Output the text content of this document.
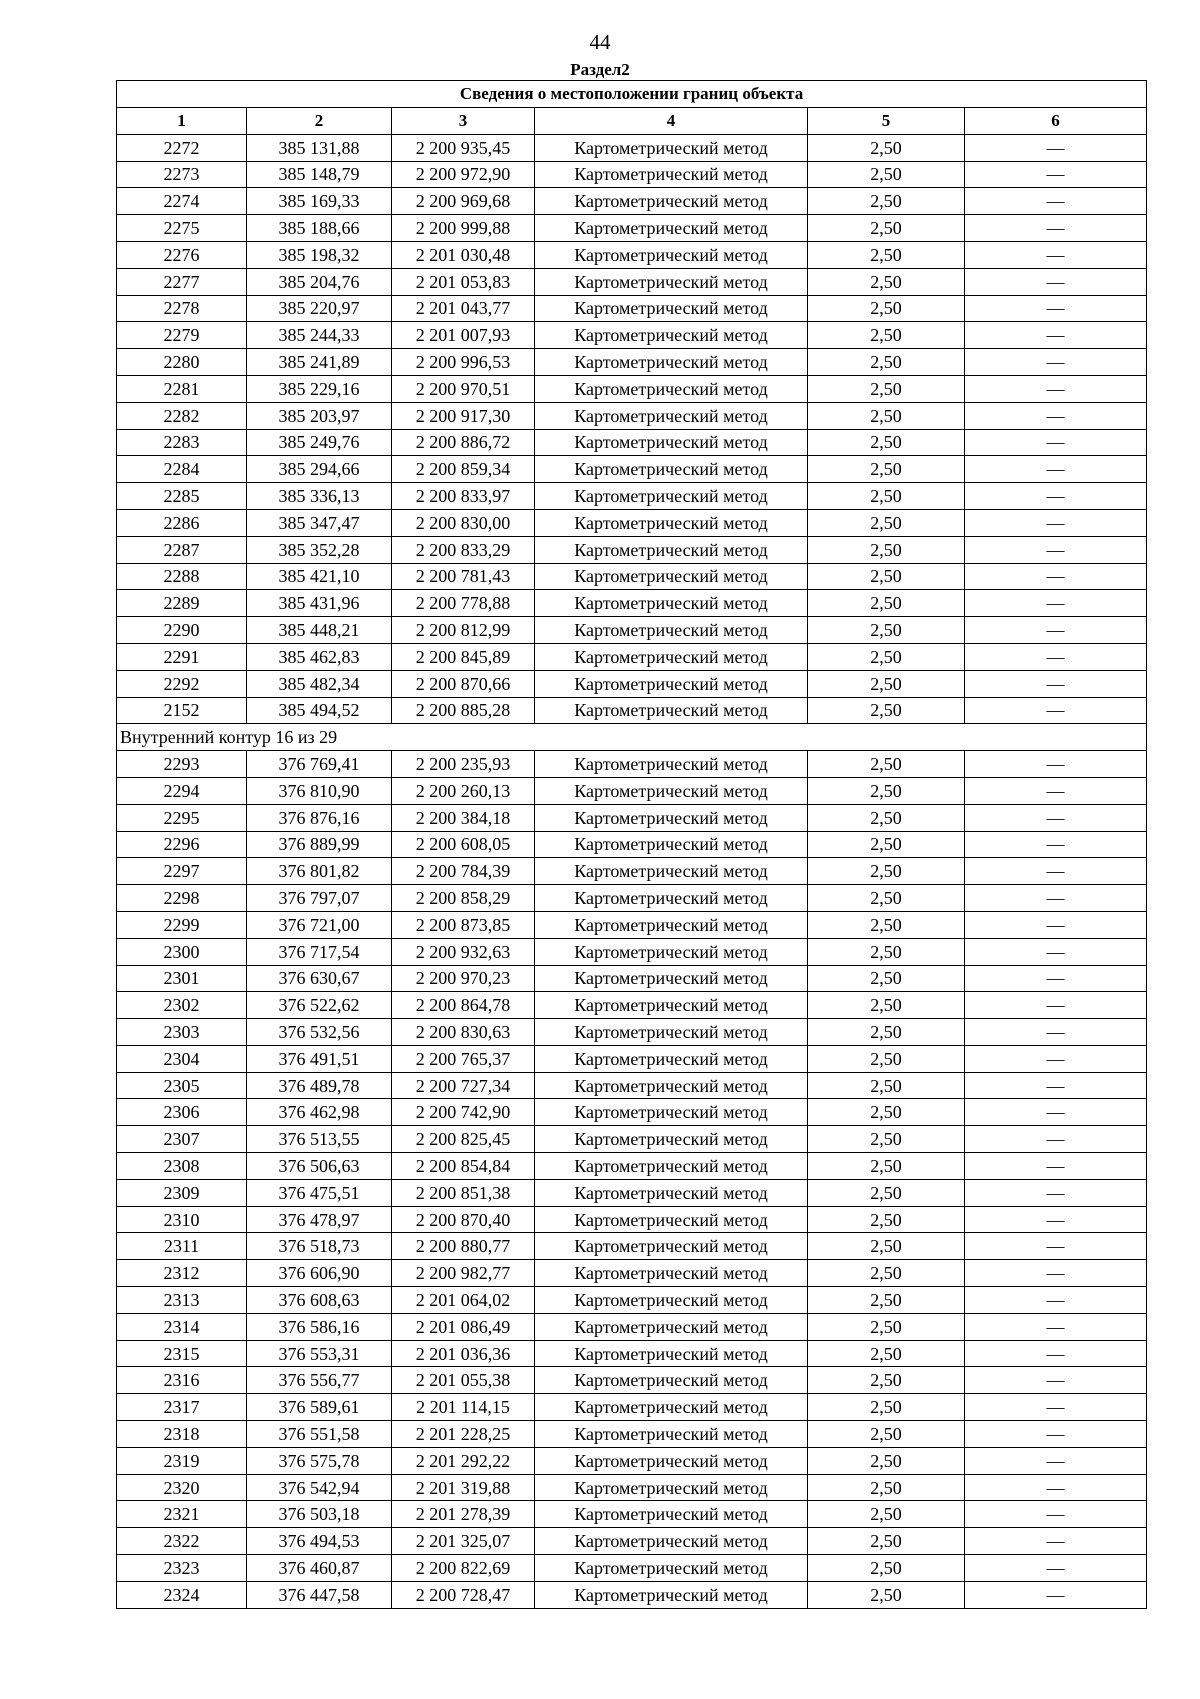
44
Раздел2
Сведения о местоположении границ объекта					
1	2	3	4	5	6
2272	385 131,88	2 200 935,45	Картометрический метод	2,50	—
2273	385 148,79	2 200 972,90	Картометрический метод	2,50	—
2274	385 169,33	2 200 969,68	Картометрический метод	2,50	—
2275	385 188,66	2 200 999,88	Картометрический метод	2,50	—
2276	385 198,32	2 201 030,48	Картометрический метод	2,50	—
2277	385 204,76	2 201 053,83	Картометрический метод	2,50	—
2278	385 220,97	2 201 043,77	Картометрический метод	2,50	—
2279	385 244,33	2 201 007,93	Картометрический метод	2,50	—
2280	385 241,89	2 200 996,53	Картометрический метод	2,50	—
2281	385 229,16	2 200 970,51	Картометрический метод	2,50	—
2282	385 203,97	2 200 917,30	Картометрический метод	2,50	—
2283	385 249,76	2 200 886,72	Картометрический метод	2,50	—
2284	385 294,66	2 200 859,34	Картометрический метод	2,50	—
2285	385 336,13	2 200 833,97	Картометрический метод	2,50	—
2286	385 347,47	2 200 830,00	Картометрический метод	2,50	—
2287	385 352,28	2 200 833,29	Картометрический метод	2,50	—
2288	385 421,10	2 200 781,43	Картометрический метод	2,50	—
2289	385 431,96	2 200 778,88	Картометрический метод	2,50	—
2290	385 448,21	2 200 812,99	Картометрический метод	2,50	—
2291	385 462,83	2 200 845,89	Картометрический метод	2,50	—
2292	385 482,34	2 200 870,66	Картометрический метод	2,50	—
2152	385 494,52	2 200 885,28	Картометрический метод	2,50	—
Внутренний контур 16 из 29					
2293	376 769,41	2 200 235,93	Картометрический метод	2,50	—
2294	376 810,90	2 200 260,13	Картометрический метод	2,50	—
2295	376 876,16	2 200 384,18	Картометрический метод	2,50	—
2296	376 889,99	2 200 608,05	Картометрический метод	2,50	—
2297	376 801,82	2 200 784,39	Картометрический метод	2,50	—
2298	376 797,07	2 200 858,29	Картометрический метод	2,50	—
2299	376 721,00	2 200 873,85	Картометрический метод	2,50	—
2300	376 717,54	2 200 932,63	Картометрический метод	2,50	—
2301	376 630,67	2 200 970,23	Картометрический метод	2,50	—
2302	376 522,62	2 200 864,78	Картометрический метод	2,50	—
2303	376 532,56	2 200 830,63	Картометрический метод	2,50	—
2304	376 491,51	2 200 765,37	Картометрический метод	2,50	—
2305	376 489,78	2 200 727,34	Картометрический метод	2,50	—
2306	376 462,98	2 200 742,90	Картометрический метод	2,50	—
2307	376 513,55	2 200 825,45	Картометрический метод	2,50	—
2308	376 506,63	2 200 854,84	Картометрический метод	2,50	—
2309	376 475,51	2 200 851,38	Картометрический метод	2,50	—
2310	376 478,97	2 200 870,40	Картометрический метод	2,50	—
2311	376 518,73	2 200 880,77	Картометрический метод	2,50	—
2312	376 606,90	2 200 982,77	Картометрический метод	2,50	—
2313	376 608,63	2 201 064,02	Картометрический метод	2,50	—
2314	376 586,16	2 201 086,49	Картометрический метод	2,50	—
2315	376 553,31	2 201 036,36	Картометрический метод	2,50	—
2316	376 556,77	2 201 055,38	Картометрический метод	2,50	—
2317	376 589,61	2 201 114,15	Картометрический метод	2,50	—
2318	376 551,58	2 201 228,25	Картометрический метод	2,50	—
2319	376 575,78	2 201 292,22	Картометрический метод	2,50	—
2320	376 542,94	2 201 319,88	Картометрический метод	2,50	—
2321	376 503,18	2 201 278,39	Картометрический метод	2,50	—
2322	376 494,53	2 201 325,07	Картометрический метод	2,50	—
2323	376 460,87	2 200 822,69	Картометрический метод	2,50	—
2324	376 447,58	2 200 728,47	Картометрический метод	2,50	—
